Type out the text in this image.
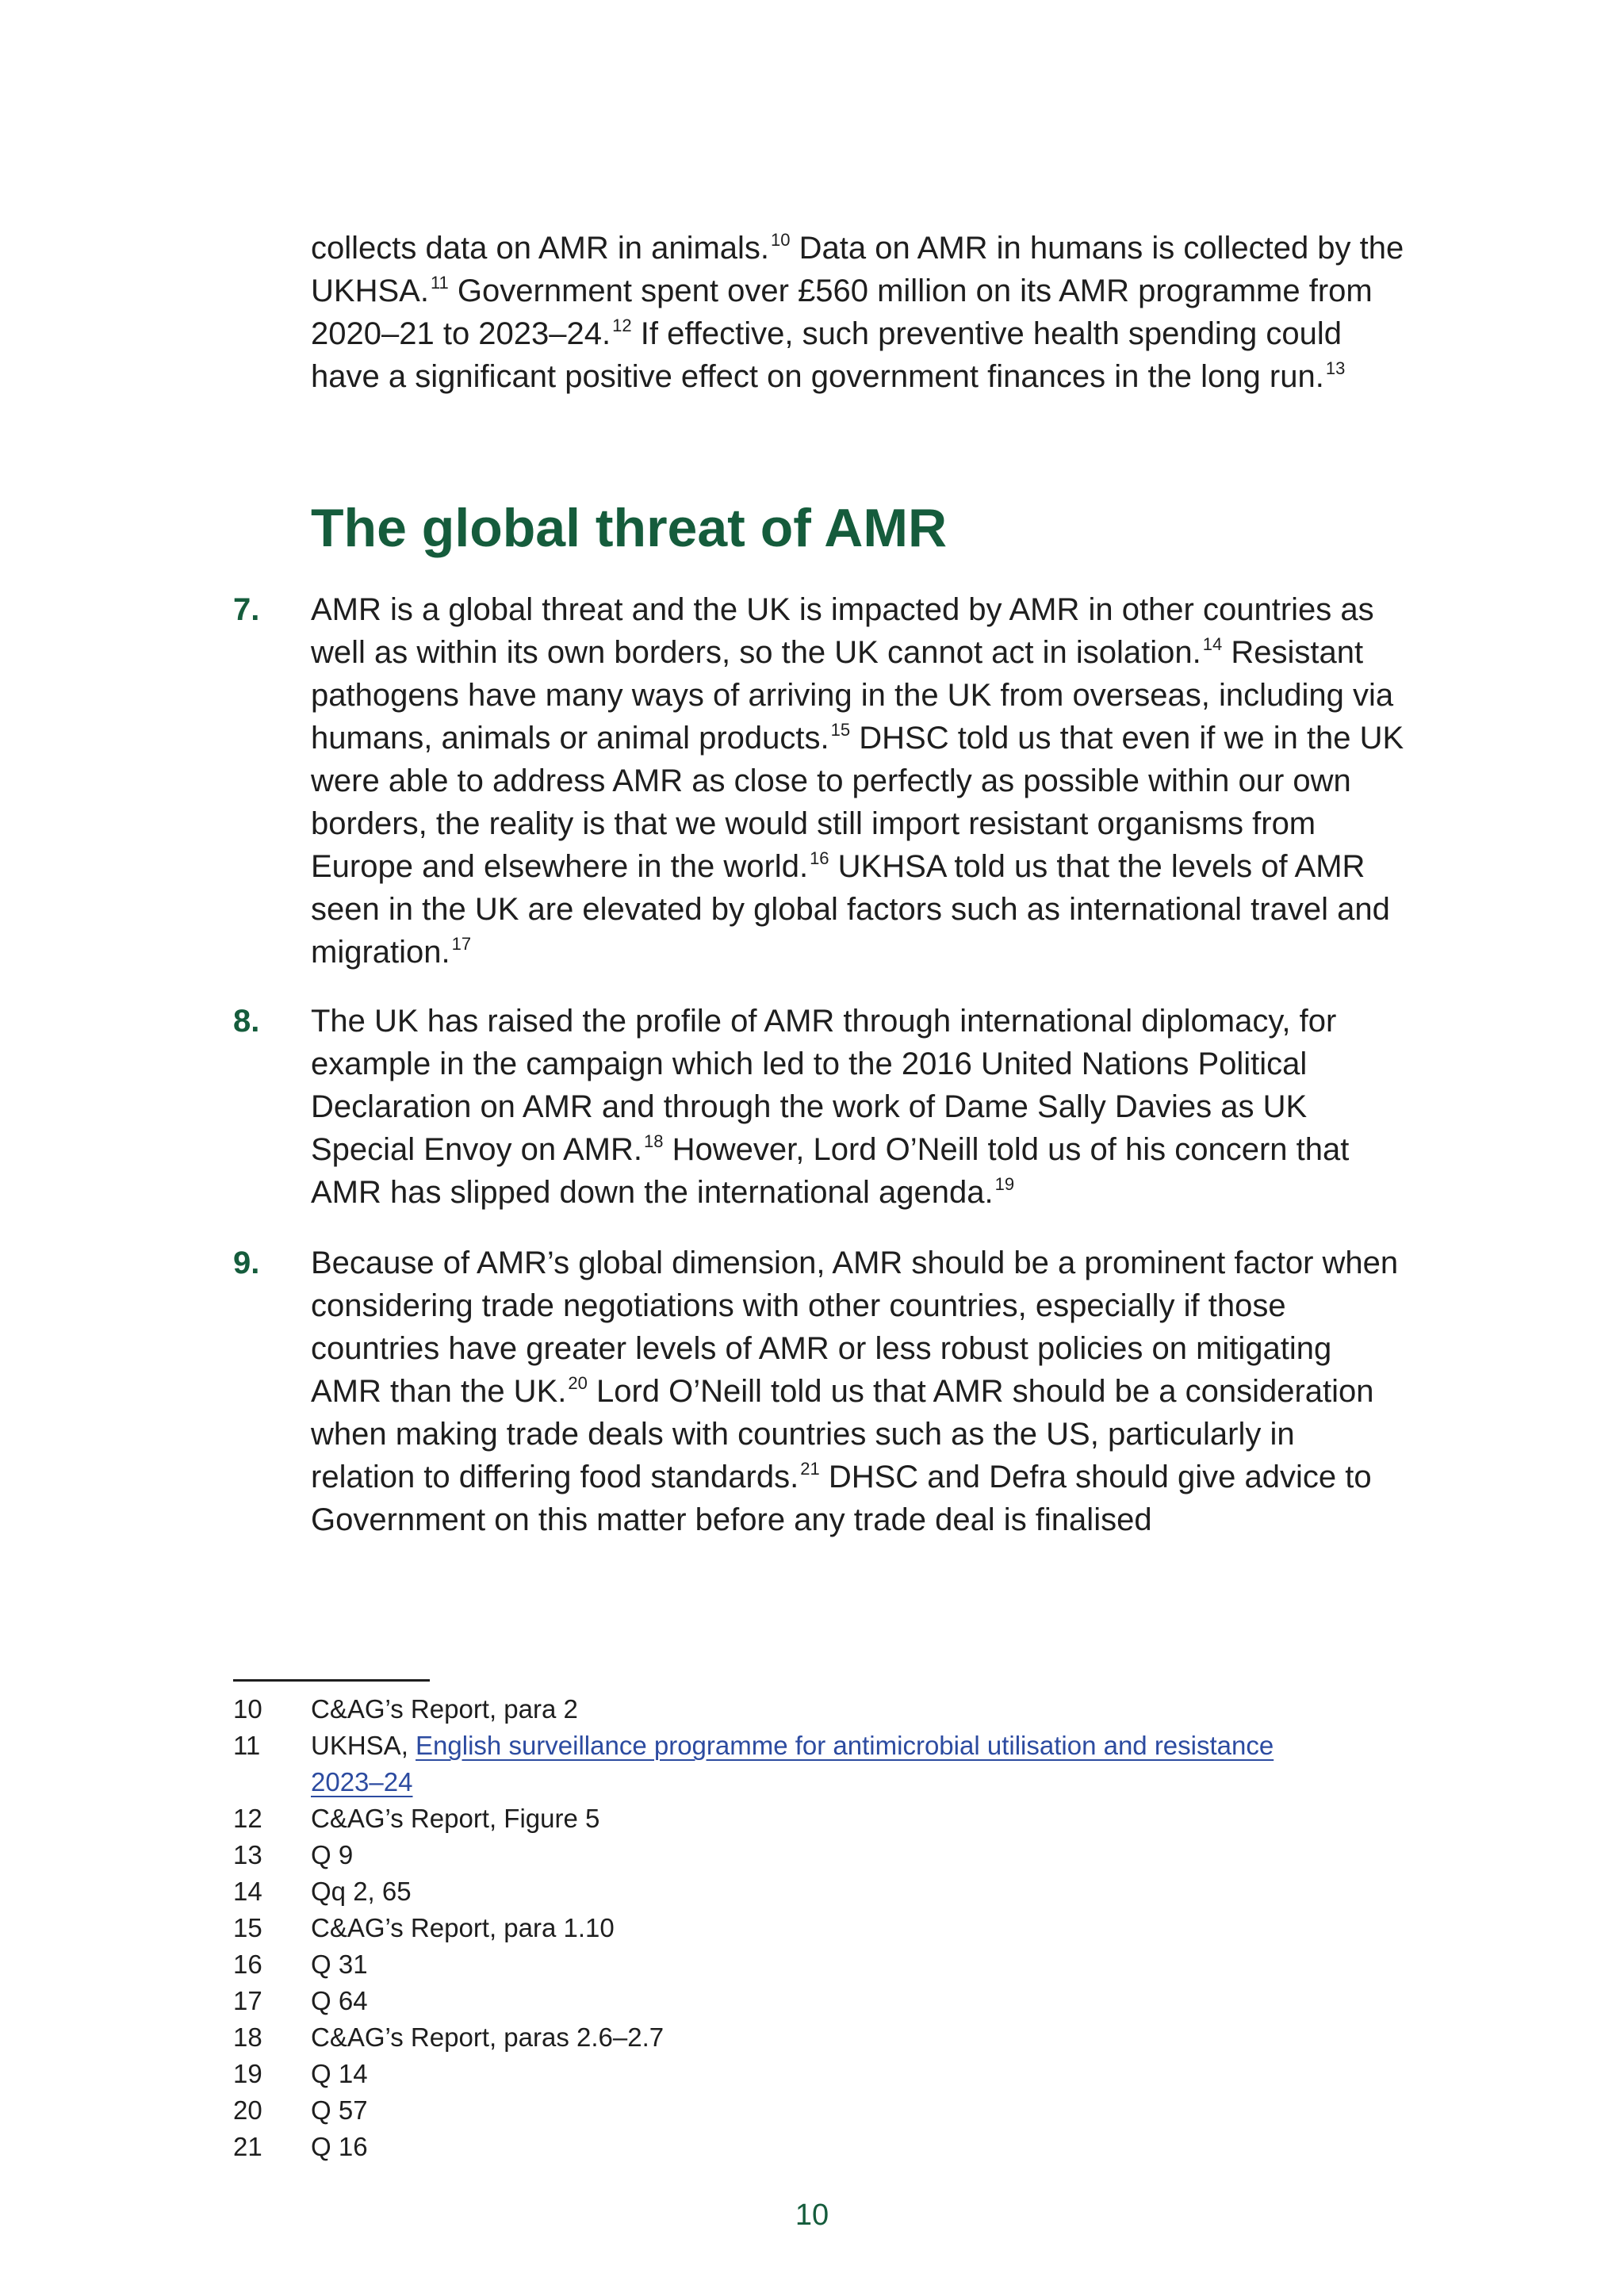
collects data on AMR in animals.$^{10}$ Data on AMR in humans is collected by the UKHSA.$^{11}$ Government spent over £560 million on its AMR programme from 2020–21 to 2023–24.12 If effective, such preventive health spending could have a significant positive effect on government finances in the long run.$^{13}$

The global threat of AMR
7. AMR is a global threat and the UK is impacted by AMR in other countries as well as within its own borders, so the UK cannot act in isolation.$^{14}$ Resistant pathogens have many ways of arriving in the UK from overseas, including via humans, animals or animal products.$^{15}$ DHSC told us that even if we in the UK were able to address AMR as close to perfectly as possible within our own borders, the reality is that we would still import resistant organisms from Europe and elsewhere in the world.$^{16}$ UKHSA told us that the levels of AMR seen in the UK are elevated by global factors such as international travel and migration.$^{17}$

8. The UK has raised the profile of AMR through international diplomacy, for example in the campaign which led to the 2016 United Nations Political Declaration on AMR and through the work of Dame Sally Davies as UK Special Envoy on AMR.$^{18}$ However, Lord O’Neill told us of his concern that AMR has slipped down the international agenda.$^{19}$

9. Because of AMR’s global dimension, AMR should be a prominent factor when considering trade negotiations with other countries, especially if those countries have greater levels of AMR or less robust policies on mitigating AMR than the UK.$^{20}$ Lord O’Neill told us that AMR should be a consideration when making trade deals with countries such as the US, particularly in relation to differing food standards.$^{21}$ DHSC and Defra should give advice to Government on this matter before any trade deal is finalised

10 C&AG’s Report, para 2
11 UKHSA, English surveillance programme for antimicrobial utilisation and resistance 2023–24
12 C&AG’s Report, Figure 5
13 Q 9
14 Qq 2, 65
15 C&AG’s Report, para 1.10
16 Q 31
17 Q 64
18 C&AG’s Report, paras 2.6–2.7
19 Q 14
20 Q 57
21 Q 16
10
